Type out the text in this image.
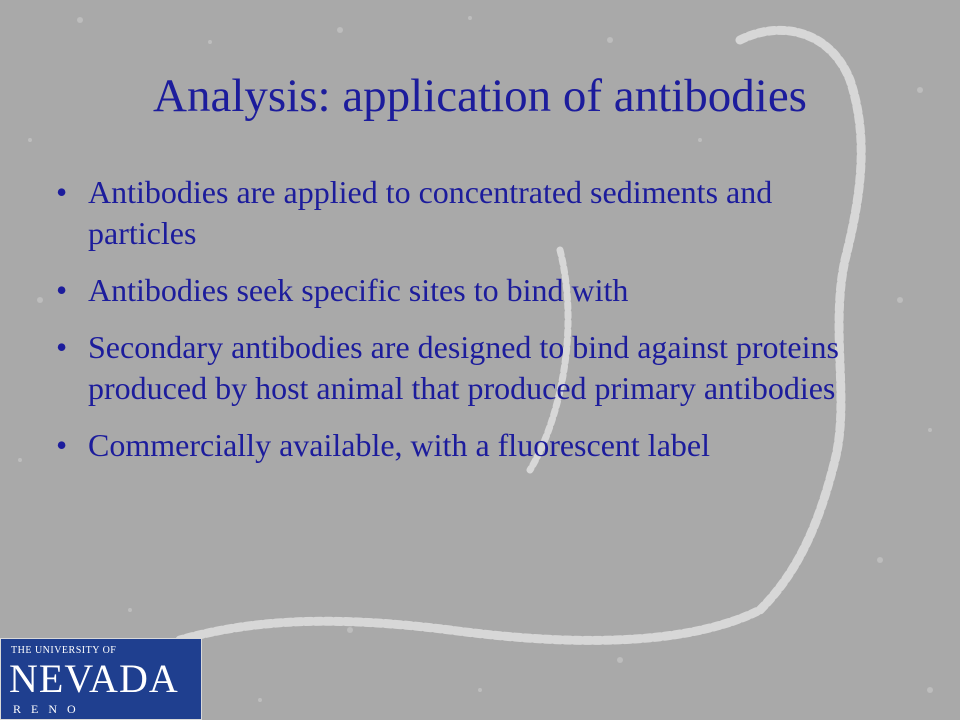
Analysis: application of antibodies
• Antibodies are applied to concentrated sediments and particles
• Antibodies seek specific sites to bind with
• Secondary antibodies are designed to bind against proteins produced by host animal that produced primary antibodies
• Commercially available, with a fluorescent label
THE UNIVERSITY OF
NEVADA
RENO
